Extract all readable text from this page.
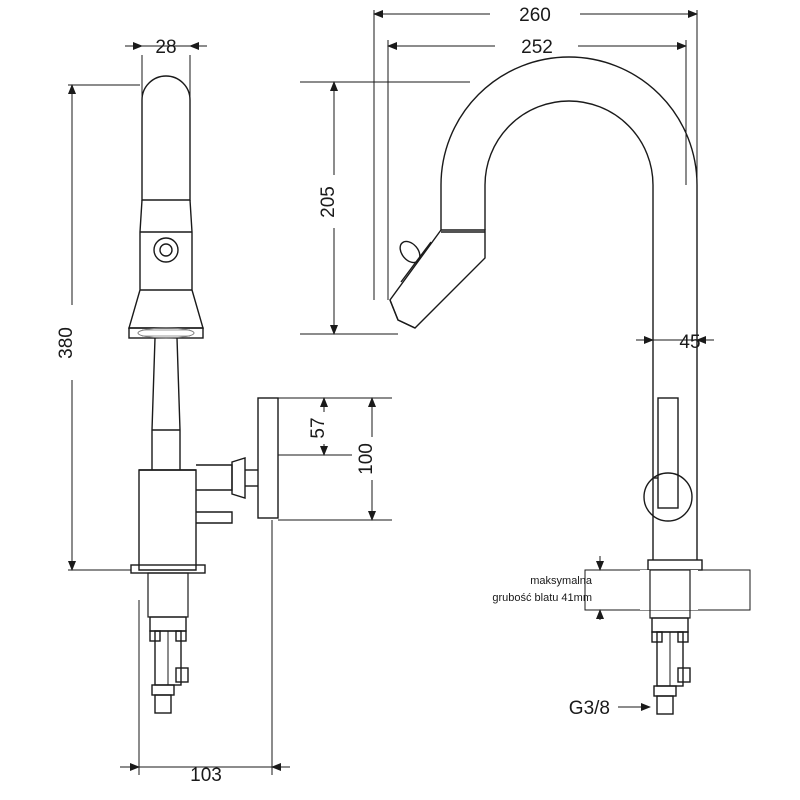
28
380
57
100
103
260
252
205
45
maksymalna
grubość blatu 41mm
G3/8
